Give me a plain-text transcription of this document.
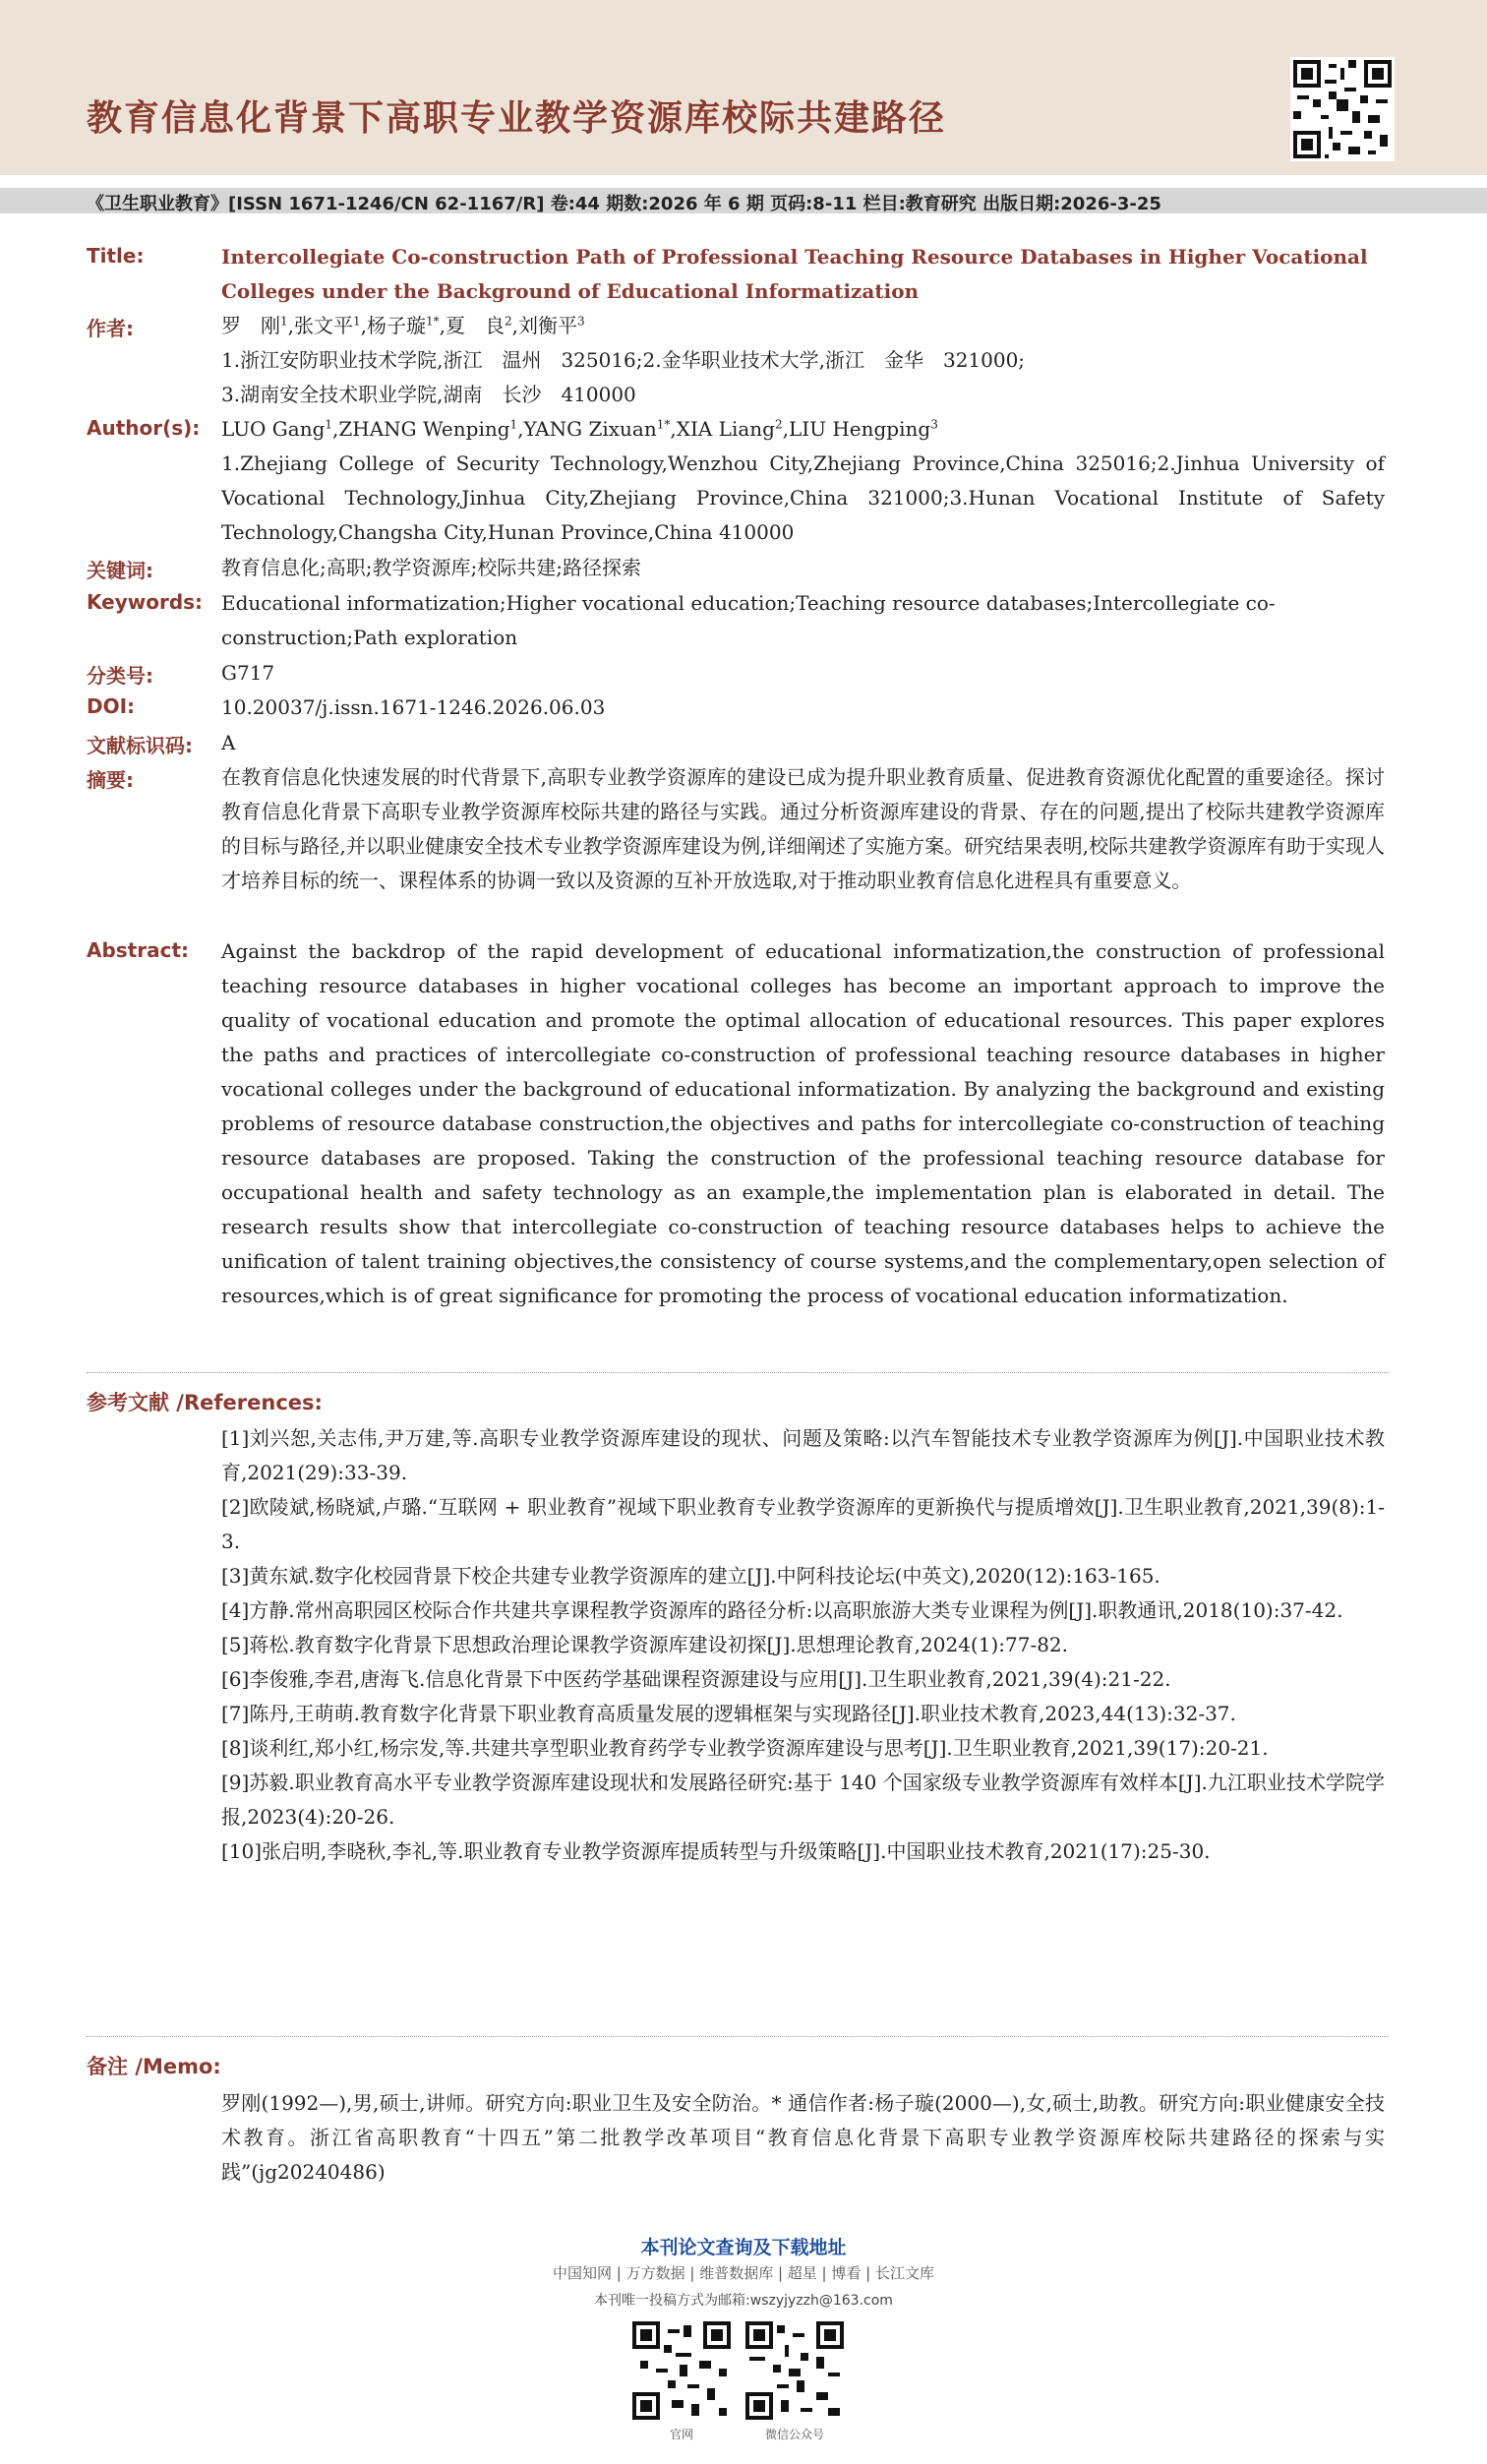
教育信息化背景下高职专业教学资源库校际共建路径
《卫生职业教育》[ISSN 1671-1246/CN 62-1167/R] 卷:44 期数:2026 年 6 期 页码:8-11 栏目:教育研究 出版日期:2026-3-25
Title:	Intercollegiate Co-construction Path of Professional Teaching Resource Databases in Higher Vocational Colleges under the Background of Educational Informatization
作者:	罗　刚$^1$,张文平$^1$,杨子璇$^{1*}$,夏　良$^2$,刘衡平$^3$
1.浙江安防职业技术学院,浙江　温州　325016;2.金华职业技术大学,浙江　金华　321000;
3.湖南安全技术职业学院,湖南　长沙　410000
Author(s): LUO Gang$^1$,ZHANG Wenping$^1$,YANG Zixuan$^{1*}$,XIA Liang$^2$,LIU Hengping$^3$
1.Zhejiang College of Security Technology,Wenzhou City,Zhejiang Province,China 325016;2.Jinhua University of Vocational Technology,Jinhua City,Zhejiang Province,China 321000;3.Hunan Vocational Institute of Safety Technology,Changsha City,Hunan Province,China 410000
关键词:	教育信息化;高职;教学资源库;校际共建;路径探索
Keywords: Educational informatization;Higher vocational education;Teaching resource databases;Intercollegiate co-construction;Path exploration
分类号:	G717
DOI:	10.20037/j.issn.1671-1246.2026.06.03
文献标识码: A
摘要:	在教育信息化快速发展的时代背景下,高职专业教学资源库的建设已成为提升职业教育质量、促进教育资源优化配置的重要途径。探讨教育信息化背景下高职专业教学资源库校际共建的路径与实践。通过分析资源库建设的背景、存在的问题,提出了校际共建教学资源库的目标与路径,并以职业健康安全技术专业教学资源库建设为例,详细阐述了实施方案。研究结果表明,校际共建教学资源库有助于实现人才培养目标的统一、课程体系的协调一致以及资源的互补开放选取,对于推动职业教育信息化进程具有重要意义。
Abstract: Against the backdrop of the rapid development of educational informatization,the construction of professional teaching resource databases in higher vocational colleges has become an important approach to improve the quality of vocational education and promote the optimal allocation of educational resources. This paper explores the paths and practices of intercollegiate co-construction of professional teaching resource databases in higher vocational colleges under the background of educational informatization. By analyzing the background and existing problems of resource database construction,the objectives and paths for intercollegiate co-construction of teaching resource databases are proposed. Taking the construction of the professional teaching resource database for occupational health and safety technology as an example,the implementation plan is elaborated in detail. The research results show that intercollegiate co-construction of teaching resource databases helps to achieve the unification of talent training objectives,the consistency of course systems,and the complementary,open selection of resources,which is of great significance for promoting the process of vocational education informatization.
参考文献 /References:
[1]刘兴恕,关志伟,尹万建,等.高职专业教学资源库建设的现状、问题及策略:以汽车智能技术专业教学资源库为例[J].中国职业技术教育,2021(29):33-39.
[2]欧陵斌,杨晓斌,卢璐.“互联网 + 职业教育”视域下职业教育专业教学资源库的更新换代与提质增效[J].卫生职业教育,2021,39(8):1-3.
[3]黄东斌.数字化校园背景下校企共建专业教学资源库的建立[J].中阿科技论坛(中英文),2020(12):163-165.
[4]方静.常州高职园区校际合作共建共享课程教学资源库的路径分析:以高职旅游大类专业课程为例[J].职教通讯,2018(10):37-42.
[5]蒋松.教育数字化背景下思想政治理论课教学资源库建设初探[J].思想理论教育,2024(1):77-82.
[6]李俊雅,李君,唐海飞.信息化背景下中医药学基础课程资源建设与应用[J].卫生职业教育,2021,39(4):21-22.
[7]陈丹,王萌萌.教育数字化背景下职业教育高质量发展的逻辑框架与实现路径[J].职业技术教育,2023,44(13):32-37.
[8]谈利红,郑小红,杨宗发,等.共建共享型职业教育药学专业教学资源库建设与思考[J].卫生职业教育,2021,39(17):20-21.
[9]苏毅.职业教育高水平专业教学资源库建设现状和发展路径研究:基于 140 个国家级专业教学资源库有效样本[J].九江职业技术学院学报,2023(4):20-26.
[10]张启明,李晓秋,李礼,等.职业教育专业教学资源库提质转型与升级策略[J].中国职业技术教育,2021(17):25-30.
备注 /Memo:
罗刚(1992—),男,硕士,讲师。研究方向:职业卫生及安全防治。* 通信作者:杨子璇(2000—),女,硕士,助教。研究方向:职业健康安全技术教育。浙江省高职教育“十四五”第二批教学改革项目“教育信息化背景下高职专业教学资源库校际共建路径的探索与实践”(jg20240486)
本刊论文查询及下载地址
中国知网 | 万方数据 | 维普数据库 | 超星 | 博看 | 长江文库
本刊唯一投稿方式为邮箱:wszyjyzzh@163.com
官网	微信公众号
